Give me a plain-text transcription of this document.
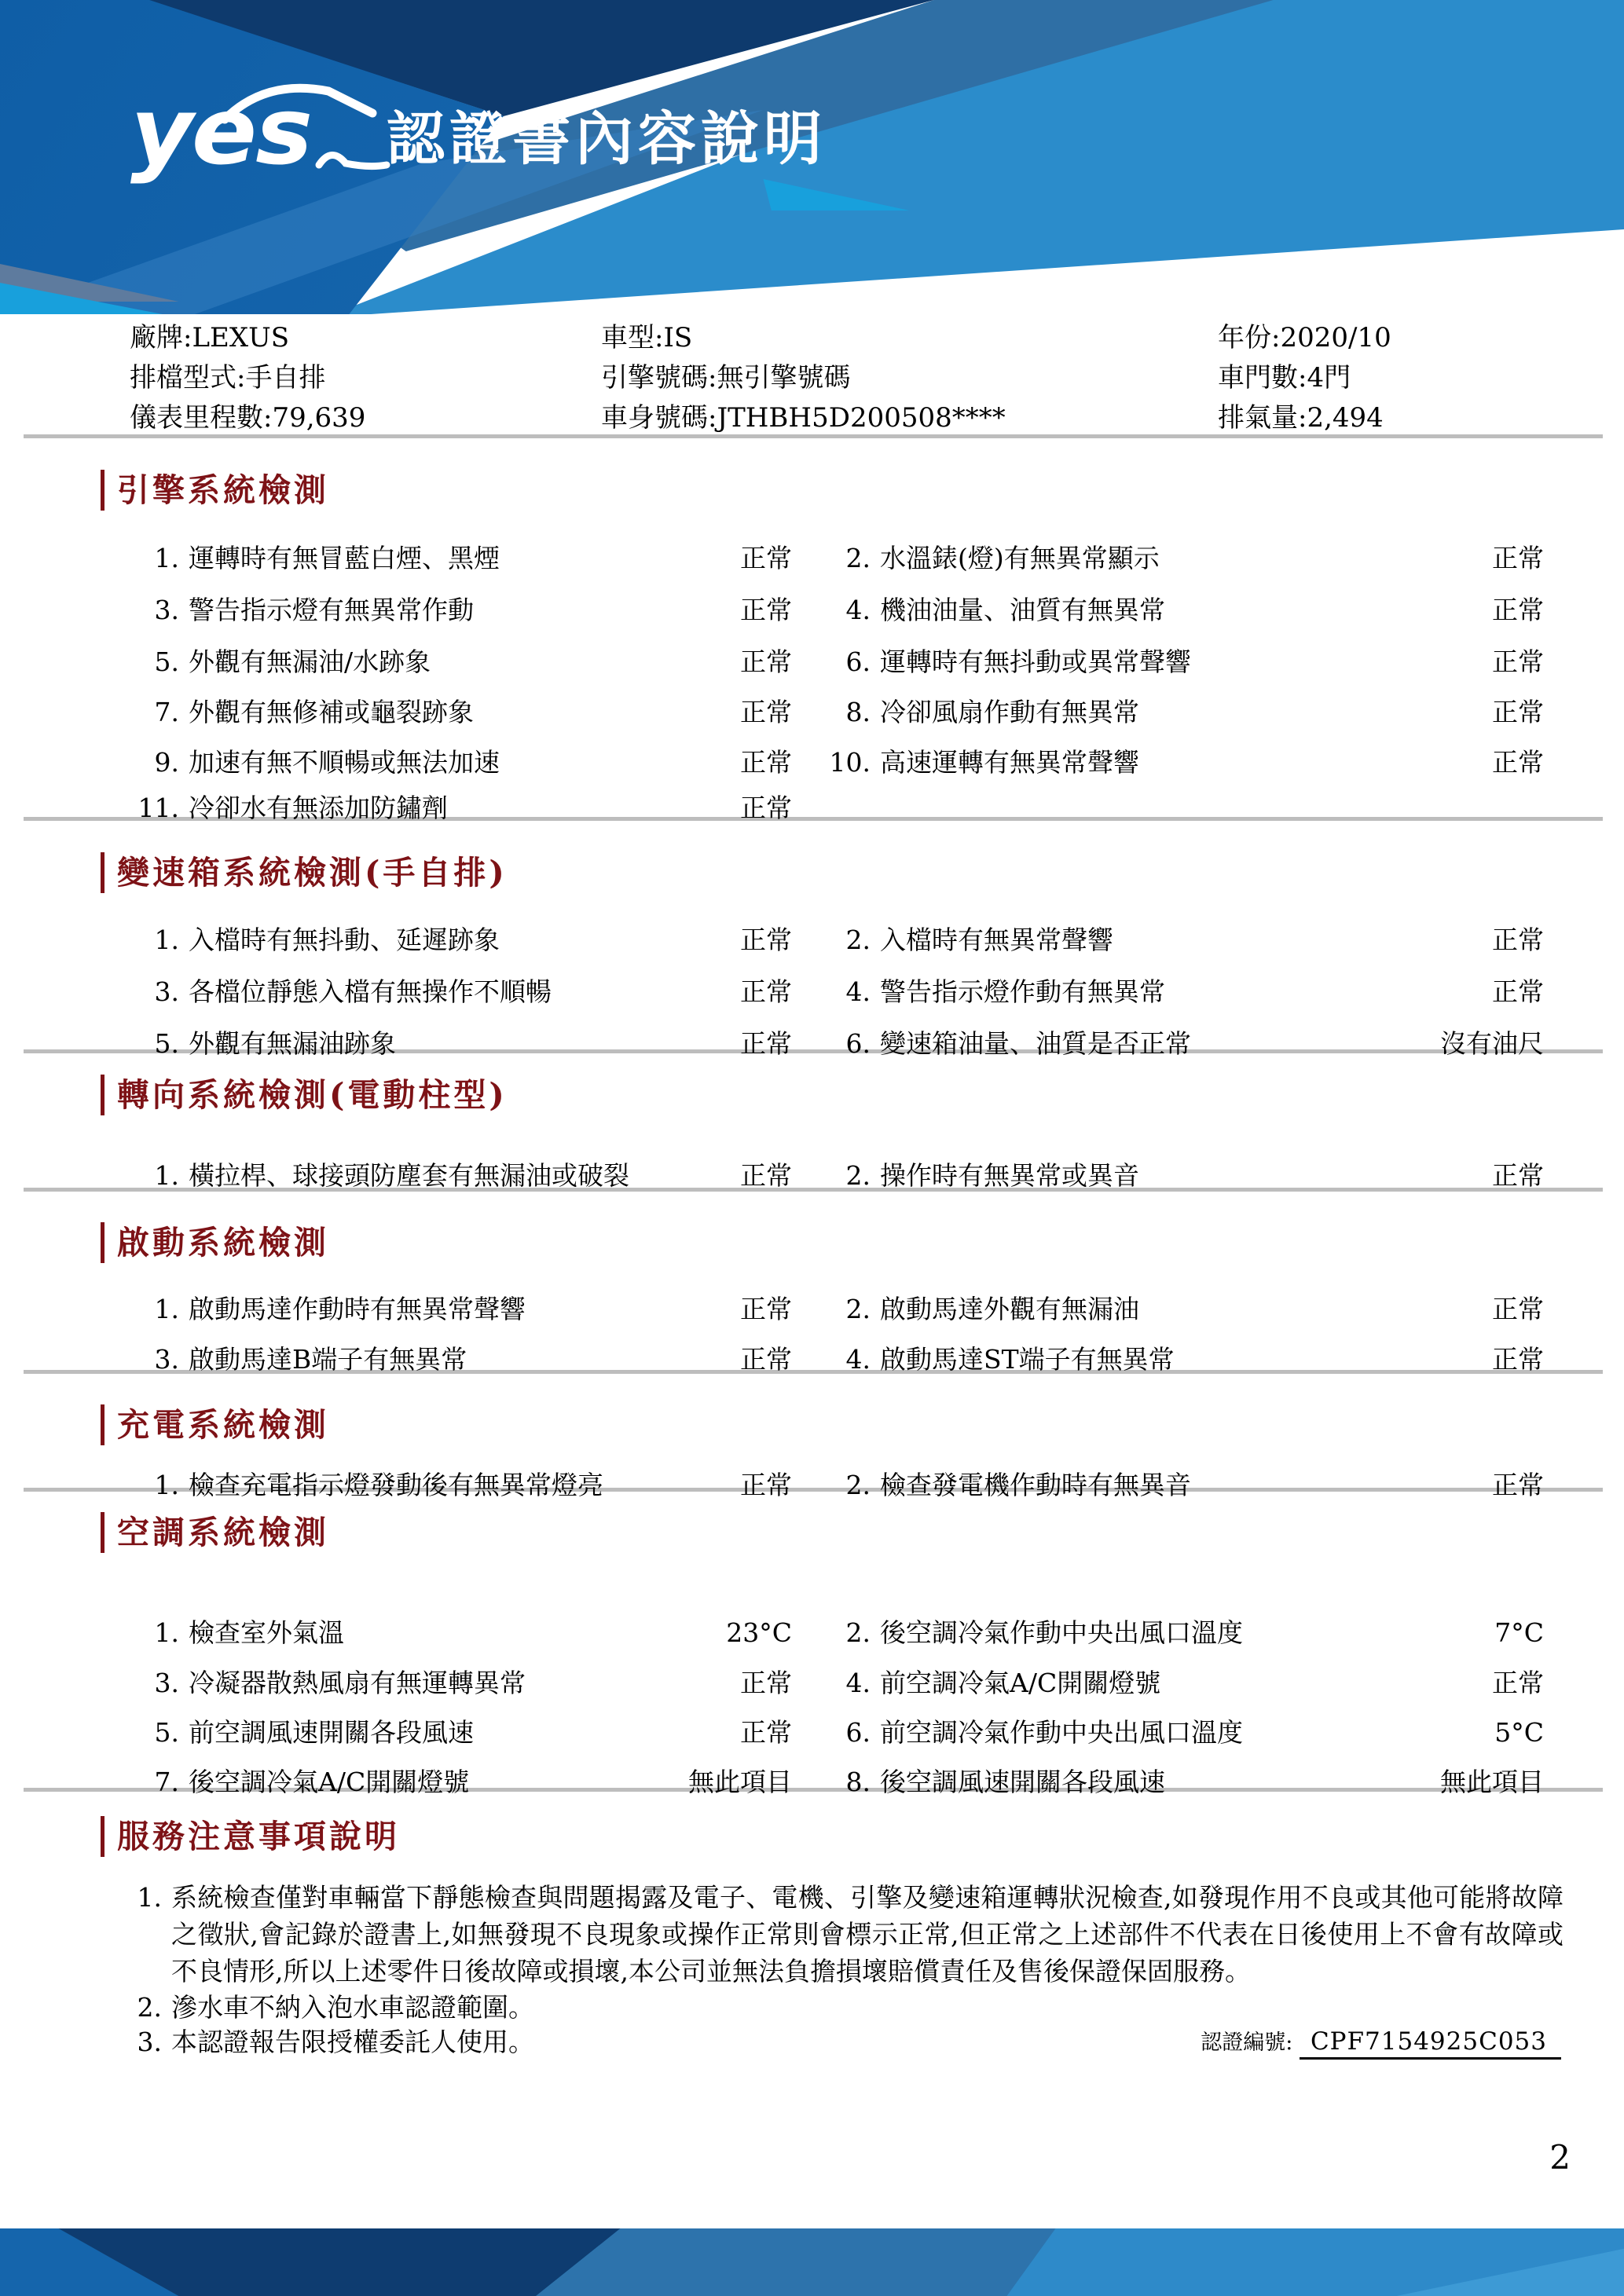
yes 認證書內容說明
廠牌:LEXUS	車型:IS	年份:2020/10
排檔型式:手自排	引擎號碼:無引擎號碼	車門數:4門
儀表里程數:79,639	車身號碼:JTHBH5D200508****	排氣量:2,494
引擎系統檢測
1. 運轉時有無冒藍白煙、黑煙	正常	2. 水溫錶(燈)有無異常顯示	正常
3. 警告指示燈有無異常作動	正常	4. 機油油量、油質有無異常	正常
5. 外觀有無漏油/水跡象	正常	6. 運轉時有無抖動或異常聲響	正常
7. 外觀有無修補或龜裂跡象	正常	8. 冷卻風扇作動有無異常	正常
9. 加速有無不順暢或無法加速	正常	10. 高速運轉有無異常聲響	正常
11. 冷卻水有無添加防鏽劑	正常
變速箱系統檢測(手自排)
1. 入檔時有無抖動、延遲跡象	正常	2. 入檔時有無異常聲響	正常
3. 各檔位靜態入檔有無操作不順暢	正常	4. 警告指示燈作動有無異常	正常
5. 外觀有無漏油跡象	正常	6. 變速箱油量、油質是否正常	沒有油尺
轉向系統檢測(電動柱型)
1. 橫拉桿、球接頭防塵套有無漏油或破裂	正常	2. 操作時有無異常或異音	正常
啟動系統檢測
1. 啟動馬達作動時有無異常聲響	正常	2. 啟動馬達外觀有無漏油	正常
3. 啟動馬達B端子有無異常	正常	4. 啟動馬達ST端子有無異常	正常
充電系統檢測
1. 檢查充電指示燈發動後有無異常燈亮	正常	2. 檢查發電機作動時有無異音	正常
空調系統檢測
1. 檢查室外氣溫	23°C	2. 後空調冷氣作動中央出風口溫度	7°C
3. 冷凝器散熱風扇有無運轉異常	正常	4. 前空調冷氣A/C開關燈號	正常
5. 前空調風速開關各段風速	正常	6. 前空調冷氣作動中央出風口溫度	5°C
7. 後空調冷氣A/C開關燈號	無此項目	8. 後空調風速開關各段風速	無此項目
服務注意事項說明
1. 系統檢查僅對車輛當下靜態檢查與問題揭露及電子、電機、引擎及變速箱運轉狀況檢查,如發現作用不良或其他可能將故障之徵狀,會記錄於證書上,如無發現不良現象或操作正常則會標示正常,但正常之上述部件不代表在日後使用上不會有故障或不良情形,所以上述零件日後故障或損壞,本公司並無法負擔損壞賠償責任及售後保證保固服務。
2. 滲水車不納入泡水車認證範圍。
3. 本認證報告限授權委託人使用。	認證編號: CPF7154925C053
2
